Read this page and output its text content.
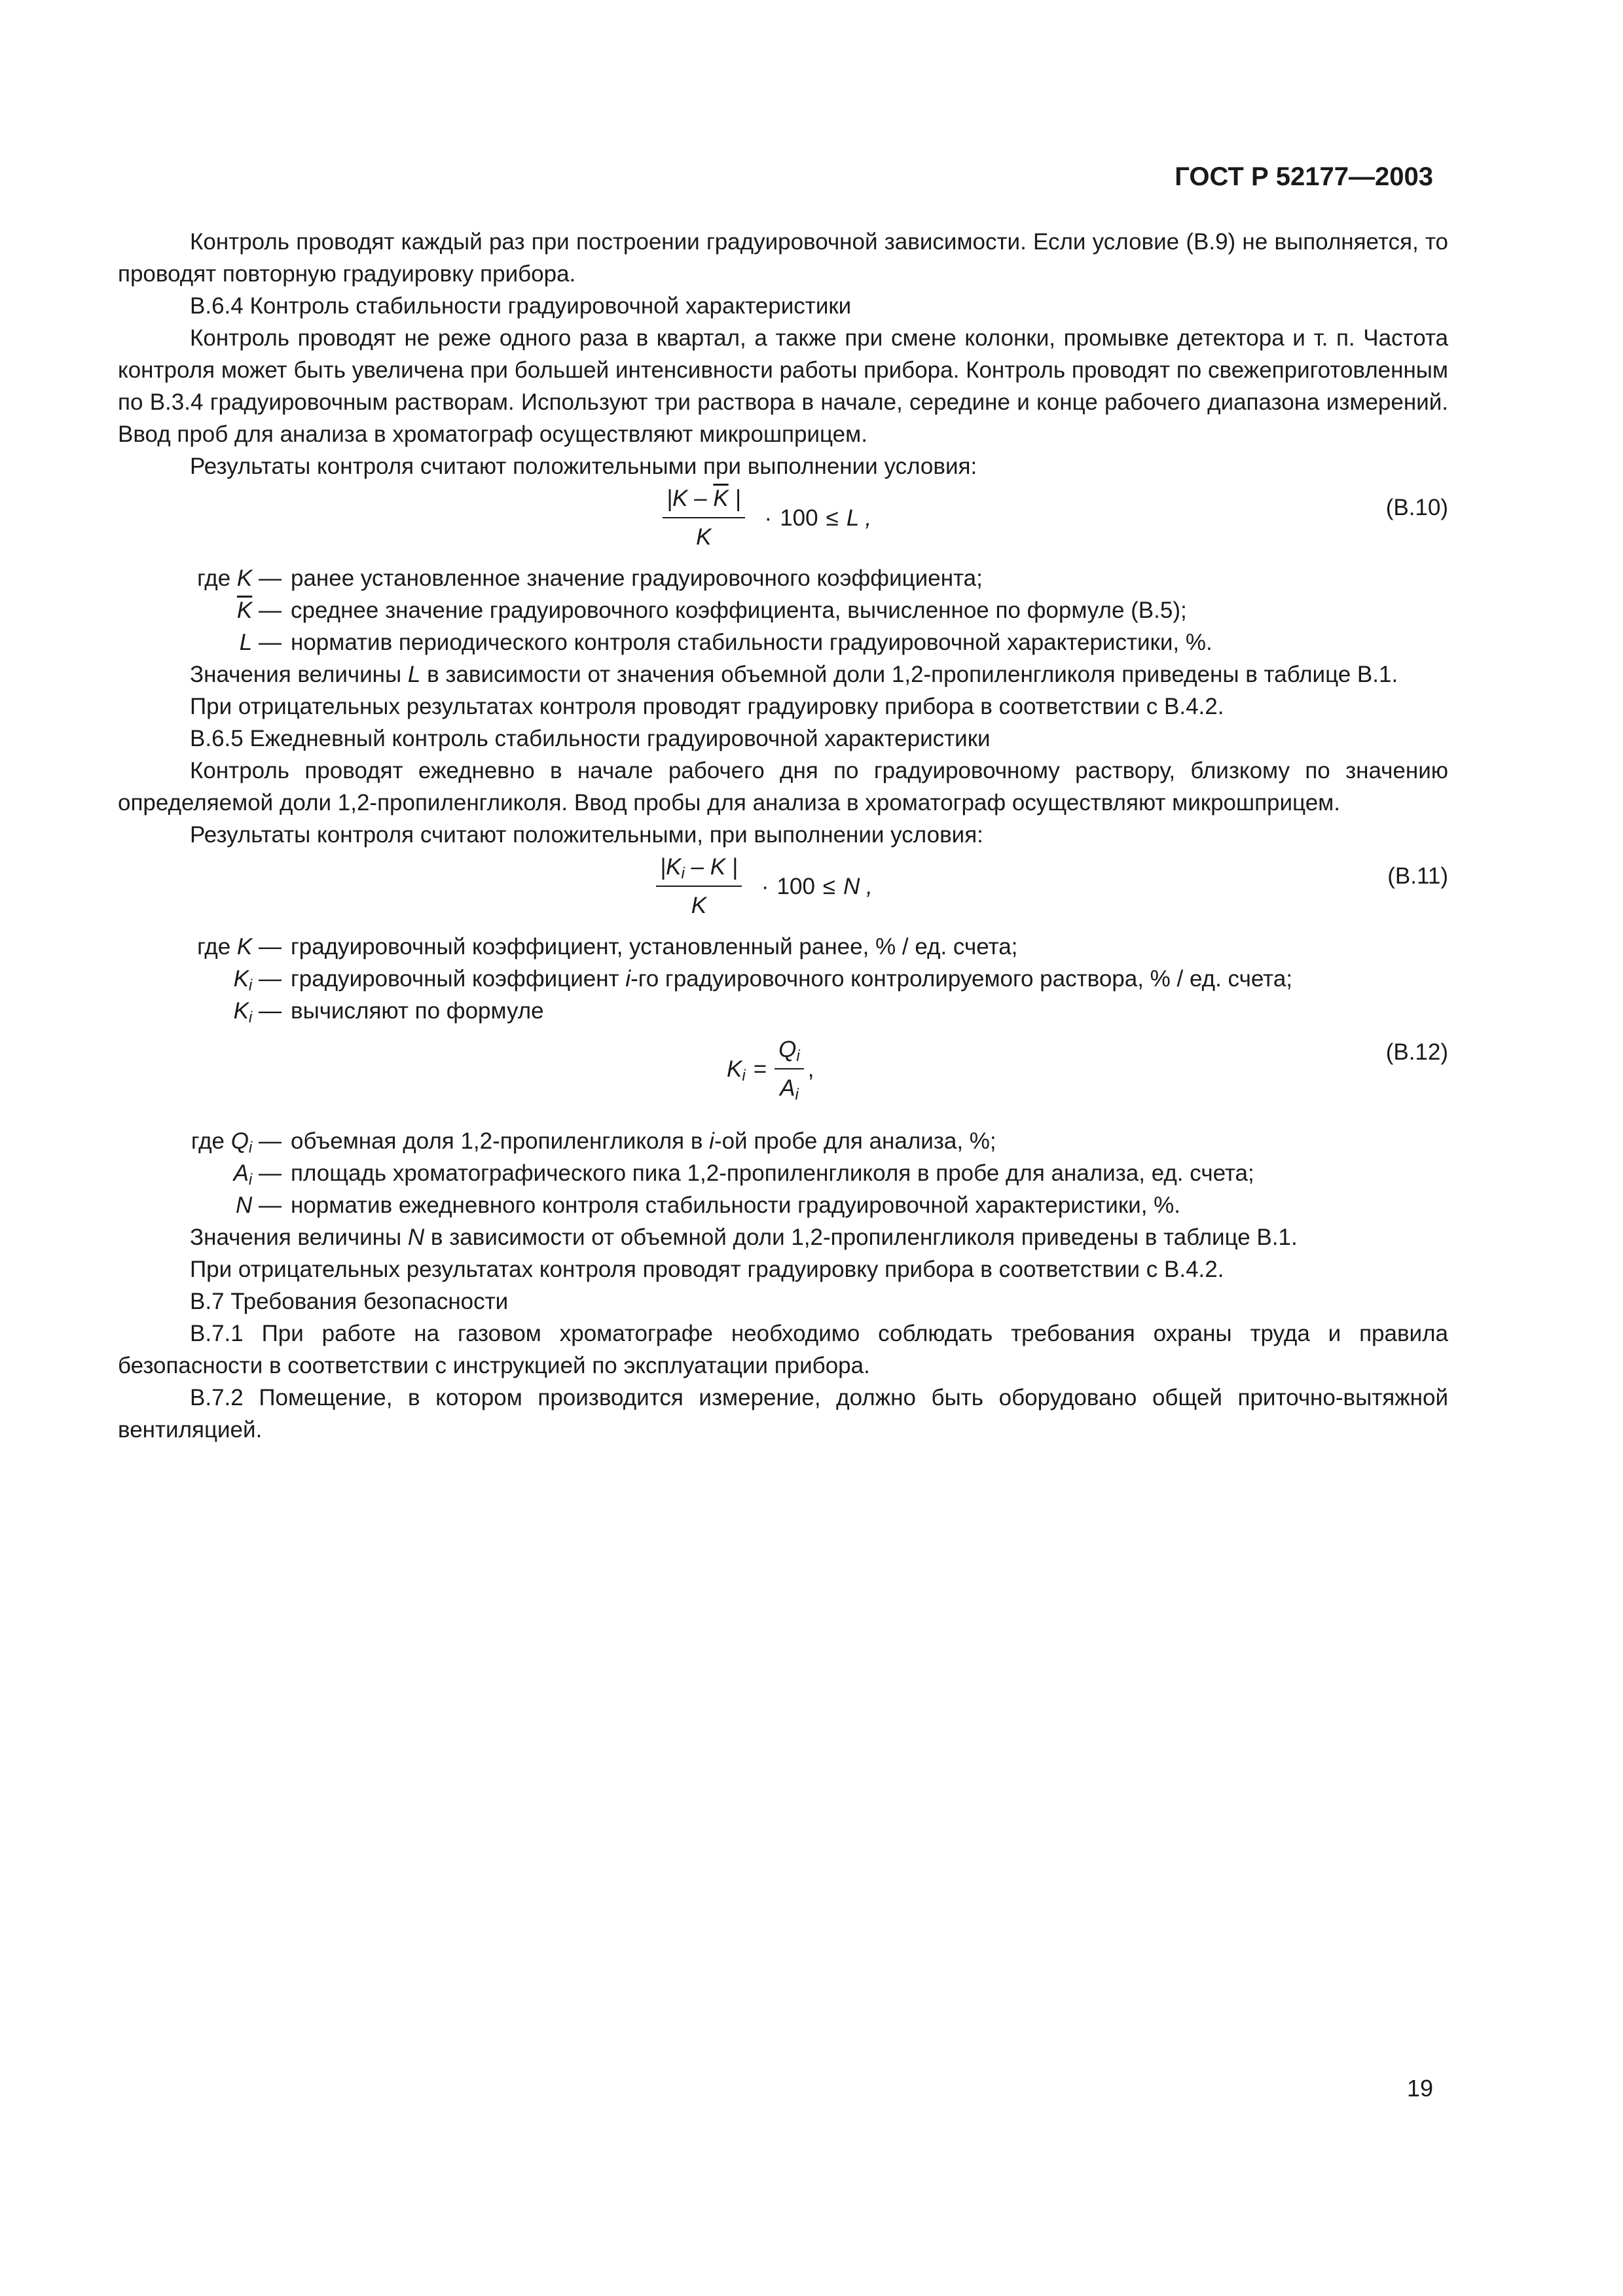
ГОСТ Р 52177—2003

Контроль проводят каждый раз при построении градуировочной зависимости. Если условие (В.9) не выполняется, то проводят повторную градуировку прибора.

В.6.4 Контроль стабильности градуировочной характеристики

Контроль проводят не реже одного раза в квартал, а также при смене колонки, промывке детектора и т. п. Частота контроля может быть увеличена при большей интенсивности работы прибора. Контроль проводят по свежеприготовленным по В.3.4 градуировочным растворам. Используют три раствора в начале, середине и конце рабочего диапазона измерений. Ввод проб для анализа в хроматограф осуществляют микрошприцем.

Результаты контроля считают положительными при выполнении условия:

$\frac{|K - \overline{K} |}{K} \cdot 100 \le L$ ,	(В.10)
где K — ранее установленное значение градуировочного коэффициента;
$\overline{K}$ — среднее значение градуировочного коэффициента, вычисленное по формуле (В.5);
L — норматив периодического контроля стабильности градуировочной характеристики, %.

Значения величины L в зависимости от значения объемной доли 1,2-пропиленгликоля приведены в таблице В.1.

При отрицательных результатах контроля проводят градуировку прибора в соответствии с В.4.2.

В.6.5 Ежедневный контроль стабильности градуировочной характеристики

Контроль проводят ежедневно в начале рабочего дня по градуировочному раствору, близкому по значению определяемой доли 1,2-пропиленгликоля. Ввод пробы для анализа в хроматограф осуществляют микрошприцем.

Результаты контроля считают положительными, при выполнении условия:

$\frac{|K_i - K |}{K} \cdot 100 \le N$ ,	(В.11)
где K — градуировочный коэффициент, установленный ранее, % / ед. счета;
$K_i$ — градуировочный коэффициент i-го градуировочного контролируемого раствора, % / ед. счета;
$K_i$ — вычисляют по формуле
$K_i = \frac{Q_i}{A_i}$ ,
(В.12)
где $Q_i$ — объемная доля 1,2-пропиленгликоля в i-ой пробе для анализа, %;
$A_i$ — площадь хроматографического пика 1,2-пропиленгликоля в пробе для анализа, ед. счета;
N — норматив ежедневного контроля стабильности градуировочной характеристики, %.

Значения величины N в зависимости от объемной доли 1,2-пропиленгликоля приведены в таблице В.1.

При отрицательных результатах контроля проводят градуировку прибора в соответствии с В.4.2.

В.7 Требования безопасности

В.7.1 При работе на газовом хроматографе необходимо соблюдать требования охраны труда и правила безопасности в соответствии с инструкцией по эксплуатации прибора.

В.7.2 Помещение, в котором производится измерение, должно быть оборудовано общей приточно-вытяжной вентиляцией.

19
